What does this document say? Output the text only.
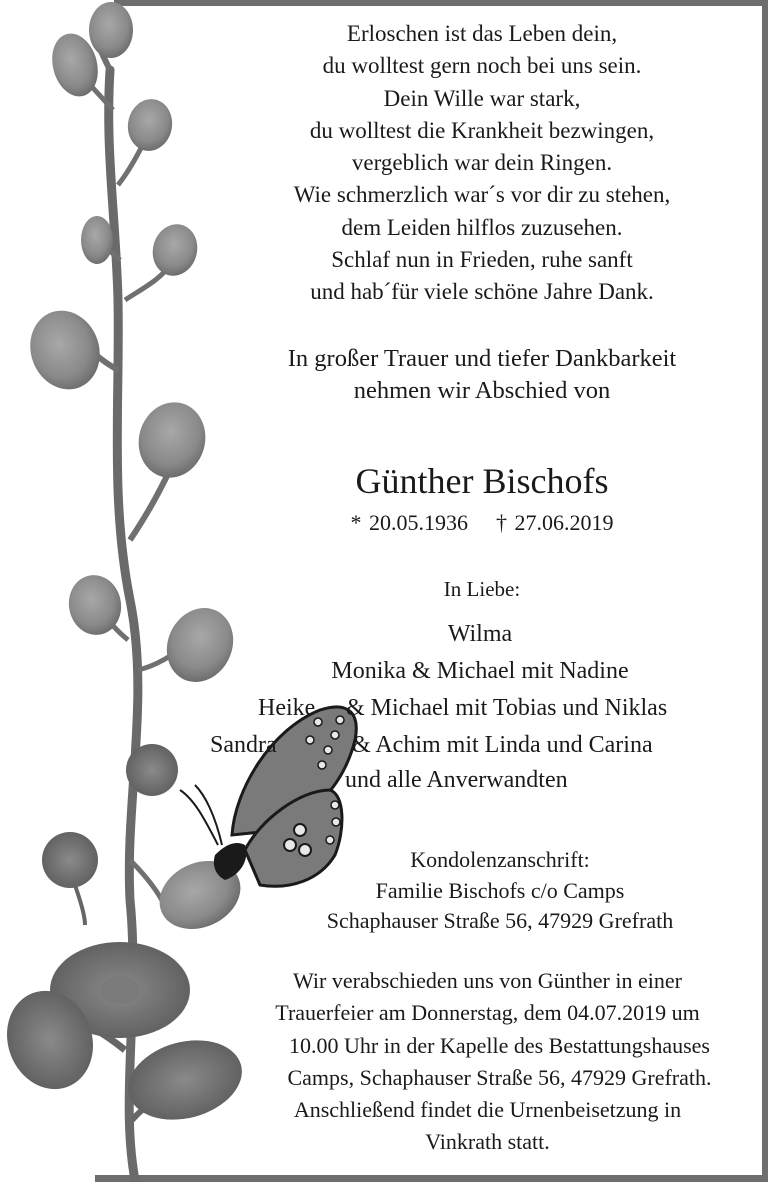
Erloschen ist das Leben dein,
du wolltest gern noch bei uns sein.
Dein Wille war stark,
du wolltest die Krankheit bezwingen,
vergeblich war dein Ringen.
Wie schmerzlich war´s vor dir zu stehen,
dem Leiden hilflos zuzusehen.
Schlaf nun in Frieden, ruhe sanft
und hab´für viele schöne Jahre Dank.
In großer Trauer und tiefer Dankbarkeit
nehmen wir Abschied von
Günther Bischofs
* 20.05.1936 † 27.06.2019
In Liebe:
Wilma
Monika & Michael mit Nadine
Heike & Michael mit Tobias und Niklas
Sandra	& Achim mit Linda und Carina
und alle Anverwandten
Kondolenzanschrift:
Familie Bischofs c/o Camps
Schaphauser Straße 56, 47929 Grefrath
Wir verabschieden uns von Günther in einer
Trauerfeier am Donnerstag, dem 04.07.2019 um
10.00 Uhr in der Kapelle des Bestattungshauses
Camps, Schaphauser Straße 56, 47929 Grefrath.
Anschließend findet die Urnenbeisetzung in
Vinkrath statt.
